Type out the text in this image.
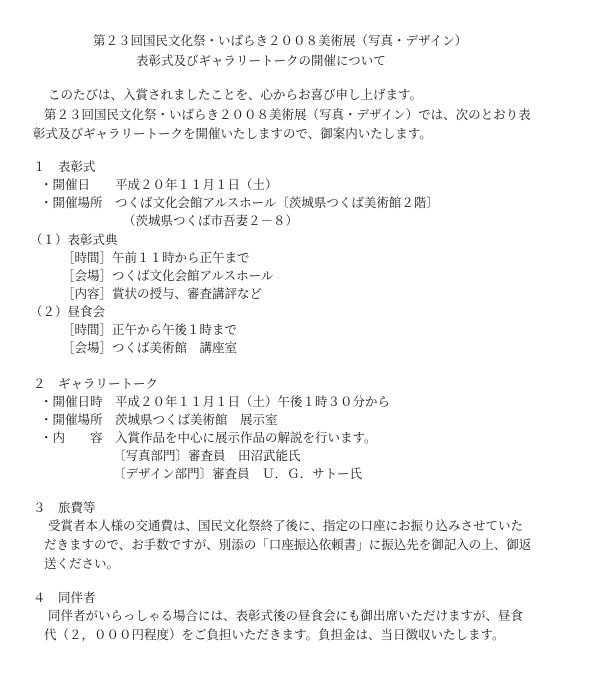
第２３回国民文化祭・いばらき２００８美術展（写真・デザイン）
表彰式及びギャラリートークの開催について
このたびは、入賞されましたことを、心からお喜び申し上げます。
第２３回国民文化祭・いばらき２００８美術展（写真・デザイン）では、次のとおり表
彰式及びギャラリートークを開催いたしますので、御案内いたします。
１　表彰式
・開催日　　平成２０年１１月１日（土）
・開催場所　つくば文化会館アルスホール〔茨城県つくば美術館２階〕
（茨城県つくば市吾妻２－８）
（１）表彰式典
［時間］午前１１時から正午まで
［会場］つくば文化会館アルスホール
［内容］賞状の授与、審査講評など
（２）昼食会
［時間］正午から午後１時まで
［会場］つくば美術館　講座室
２　ギャラリートーク
・開催日時　平成２０年１１月１日（土）午後１時３０分から
・開催場所　茨城県つくば美術館　展示室
・内　　容　入賞作品を中心に展示作品の解説を行います。
〔写真部門〕審査員　田沼武能氏
〔デザイン部門〕審査員　Ｕ．Ｇ．サトー氏
３　旅費等
受賞者本人様の交通費は、国民文化祭終了後に、指定の口座にお振り込みさせていた
だきますので、お手数ですが、別添の「口座振込依頼書」に振込先を御記入の上、御返
送ください。
４　同伴者
同伴者がいらっしゃる場合には、表彰式後の昼食会にも御出席いただけますが、昼食
代（２，０００円程度）をご負担いただきます。負担金は、当日徴収いたします。
